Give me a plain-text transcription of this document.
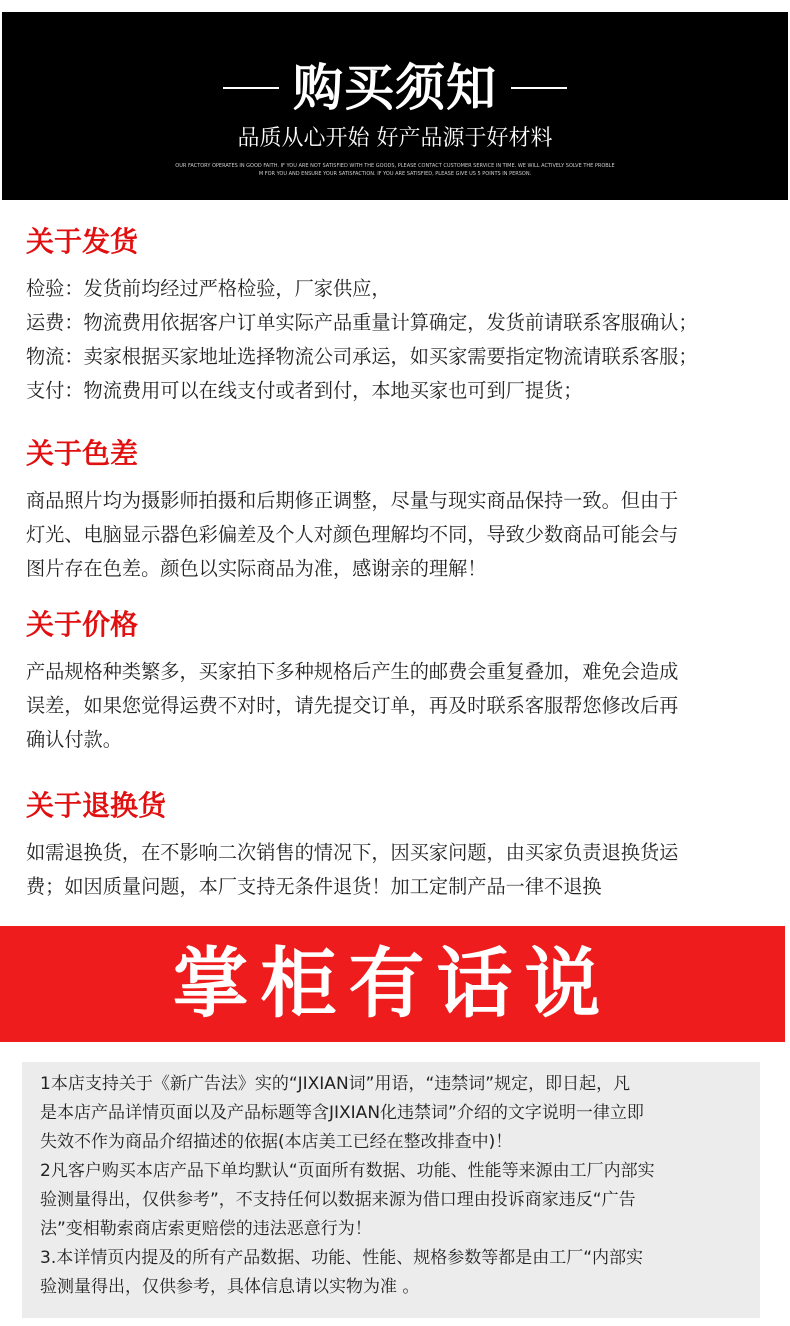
购买须知
品质从心开始 好产品源于好材料
OUR FACTORY OPERATES IN GOOD FAITH. IF YOU ARE NOT SATISFIED WITH THE GOODS, PLEASE CONTACT CUSTOMER SERVICE IN TIME. WE WILL ACTIVELY SOLVE THE PROBLE
M FOR YOU AND ENSURE YOUR SATISFACTION. IF YOU ARE SATISFIED, PLEASE GIVE US 5 POINTS IN PERSON.
关于发货

检验：发货前均经过严格检验，厂家供应，

运费：物流费用依据客户订单实际产品重量计算确定，发货前请联系客服确认；

物流：卖家根据买家地址选择物流公司承运，如买家需要指定物流请联系客服；

支付：物流费用可以在线支付或者到付，本地买家也可到厂提货；

关于色差

商品照片均为摄影师拍摄和后期修正调整，尽量与现实商品保持一致。但由于

灯光、电脑显示器色彩偏差及个人对颜色理解均不同，导致少数商品可能会与

图片存在色差。颜色以实际商品为准，感谢亲的理解！

关于价格

产品规格种类繁多，买家拍下多种规格后产生的邮费会重复叠加，难免会造成

误差，如果您觉得运费不对时，请先提交订单，再及时联系客服帮您修改后再

确认付款。

关于退换货

如需退换货，在不影响二次销售的情况下，因买家问题，由买家负责退换货运

费；如因质量问题，本厂支持无条件退货！加工定制产品一律不退换

掌柜有话说

1本店支持关于《新广告法》实的“JIXIAN词”用语，“违禁词”规定，即日起，凡

是本店产品详情页面以及产品标题等含JIXIAN化违禁词”介绍的文字说明一律立即

失效不作为商品介绍描述的依据(本店美工已经在整改排查中)！

2凡客户购买本店产品下单均默认“页面所有数据、功能、性能等来源由工厂内部实

验测量得出，仅供参考”，不支持任何以数据来源为借口理由投诉商家违反“广告

法”变相勒索商店索更赔偿的违法恶意行为！

3.本详情页内提及的所有产品数据、功能、性能、规格参数等都是由工厂“内部实

验测量得出，仅供参考，具体信息请以实物为准 。
